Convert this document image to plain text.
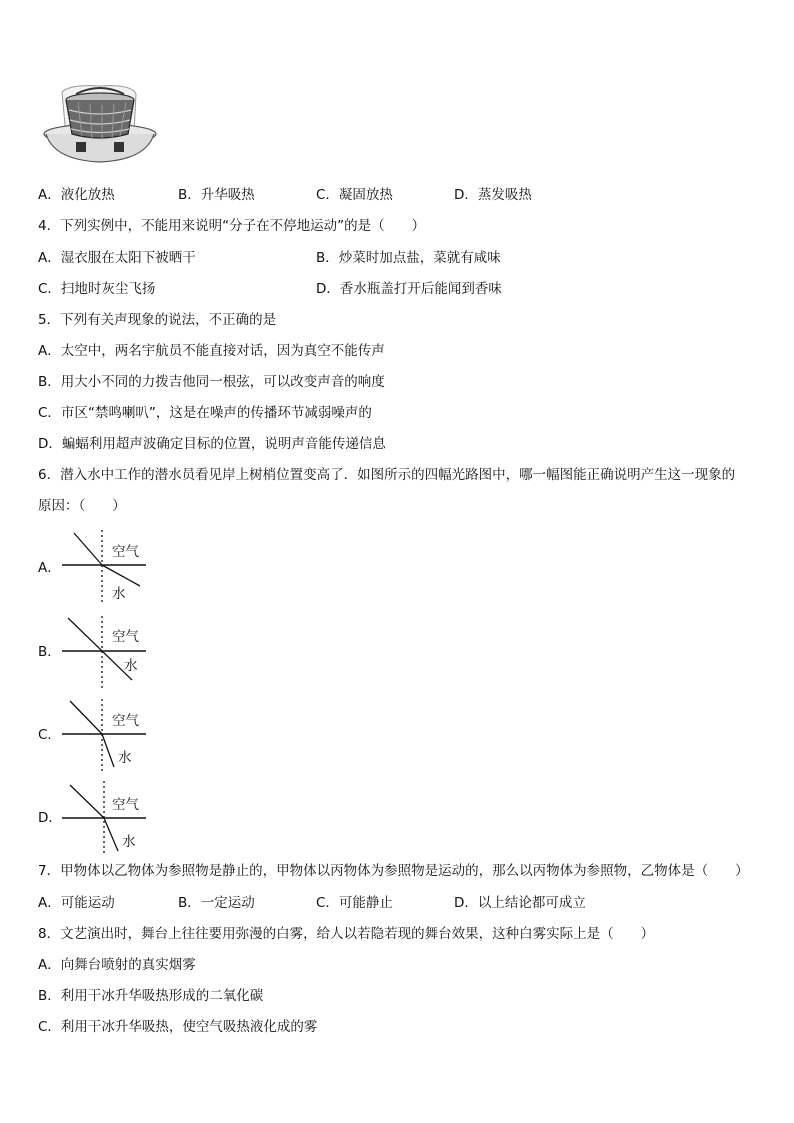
A．液化放热	B．升华吸热	C．凝固放热	D．蒸发吸热
4．下列实例中，不能用来说明“分子在不停地运动”的是（　　）
A．湿衣服在太阳下被晒干	B．炒菜时加点盐，菜就有咸味
C．扫地时灰尘飞扬	D．香水瓶盖打开后能闻到香味
5．下列有关声现象的说法，不正确的是
A．太空中，两名宇航员不能直接对话，因为真空不能传声
B．用大小不同的力拨吉他同一根弦，可以改变声音的响度
C．市区“禁鸣喇叭”，这是在噪声的传播环节减弱噪声的
D．蝙蝠利用超声波确定目标的位置，说明声音能传递信息
6．潜入水中工作的潜水员看见岸上树梢位置变高了．如图所示的四幅光路图中，哪一幅图能正确说明产生这一现象的
原因：（　　）
A．
空气
水
B．
空气
水
C．
空气
水
D．
空气
水
7．甲物体以乙物体为参照物是静止的，甲物体以丙物体为参照物是运动的，那么以丙物体为参照物，乙物体是（　　）
A．可能运动	B．一定运动	C．可能静止	D．以上结论都可成立
8．文艺演出时，舞台上往往要用弥漫的白雾，给人以若隐若现的舞台效果，这种白雾实际上是（　　）
A．向舞台喷射的真实烟雾
B．利用干冰升华吸热形成的二氧化碳
C．利用干冰升华吸热，使空气吸热液化成的雾
